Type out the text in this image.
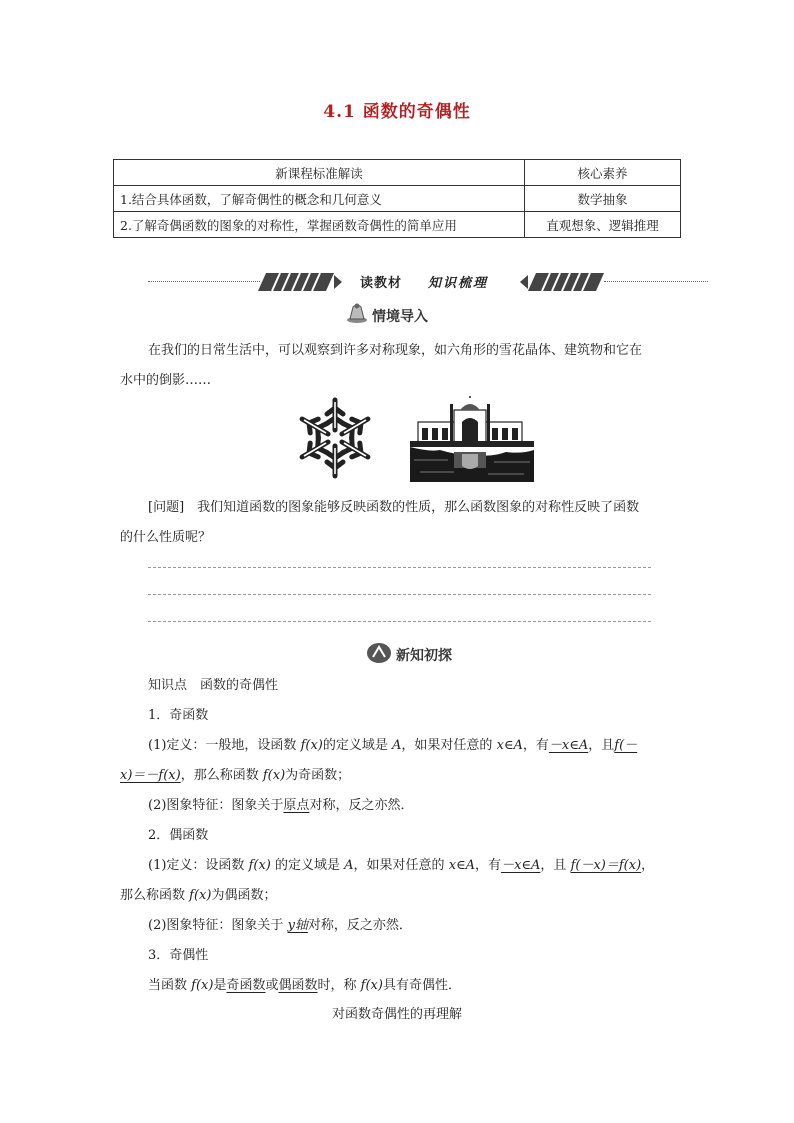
4.1 函数的奇偶性
新课程标准解读	核心素养
1.结合具体函数，了解奇偶性的概念和几何意义	数学抽象
2.了解奇偶函数的图象的对称性，掌握函数奇偶性的简单应用	直观想象、逻辑推理
读教材 知识梳理
情境导入

在我们的日常生活中，可以观察到许多对称现象，如六角形的雪花晶体、建筑物和它在

水中的倒影……

[问题]　我们知道函数的图象能够反映函数的性质，那么函数图象的对称性反映了函数

的什么性质呢？

新知初探

知识点　函数的奇偶性

1．奇函数

(1)定义：一般地，设函数 f(x)的定义域是 A，如果对任意的 x∈A，有－x∈A，且f(－

x)＝－f(x)，那么称函数 f(x)为奇函数；

(2)图象特征：图象关于原点对称，反之亦然．

2．偶函数

(1)定义：设函数 f(x) 的定义域是 A，如果对任意的 x∈A，有－x∈A，且 f(－x)＝f(x)，

那么称函数 f(x)为偶函数；

(2)图象特征：图象关于 y轴对称，反之亦然．

3．奇偶性

当函数 f(x)是奇函数或偶函数时，称 f(x)具有奇偶性．

对函数奇偶性的再理解
